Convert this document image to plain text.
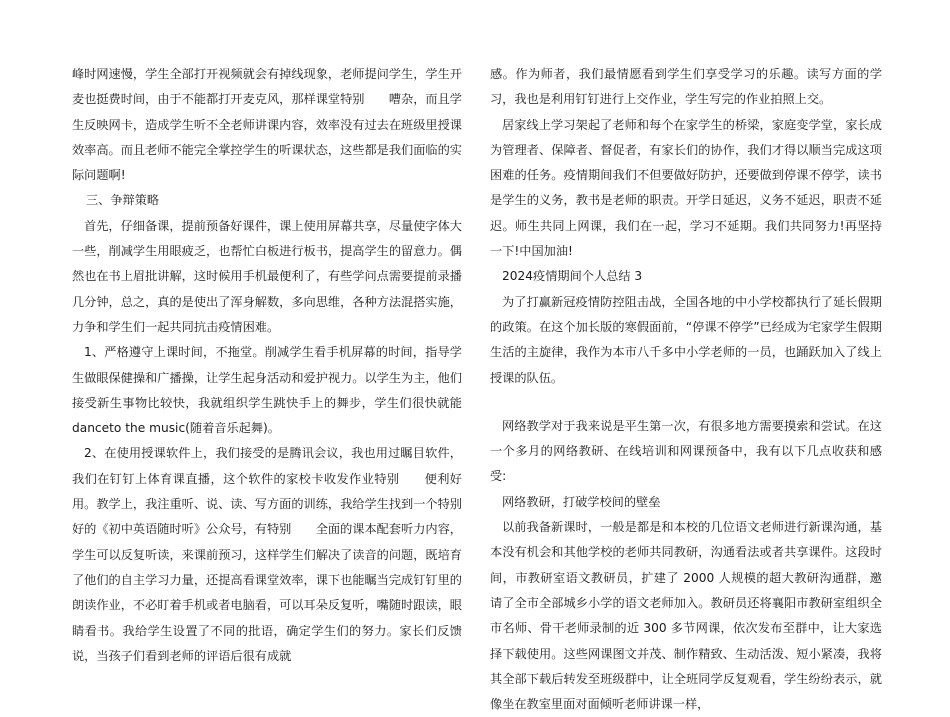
峰时网速慢，学生全部打开视频就会有掉线现象，老师提问学生，学生开麦也挺费时间，由于不能都打开麦克风，那样课堂特别　　嘈杂，而且学生反映网卡，造成学生听不全老师讲课内容，效率没有过去在班级里授课效率高。而且老师不能完全掌控学生的听课状态，这些都是我们面临的实际问题啊!

三、争辩策略

首先，仔细备课，提前预备好课件，课上使用屏幕共享，尽量使字体大一些，削减学生用眼疲乏，也帮忙白板进行板书，提高学生的留意力。偶然也在书上眉批讲解，这时候用手机最便利了，有些学问点需要提前录播几分钟，总之，真的是使出了浑身解数，多向思维，各种方法混搭实施，力争和学生们一起共同抗击疫情困难。

1、严格遵守上课时间，不拖堂。削减学生看手机屏幕的时间，指导学生做眼保健操和广播操，让学生起身活动和爱护视力。以学生为主，他们接受新生事物比较快，我就组织学生跳快手上的舞步，学生们很快就能 danceto the music(随着音乐起舞)。

2、在使用授课软件上，我们接受的是腾讯会议，我也用过瞩目软件，我们在钉钉上体育课直播，这个软件的家校卡收发作业特别　　便利好用。教学上，我注重听、说、读、写方面的训练，我给学生找到一个特别　　好的《初中英语随时听》公众号，有特别　　全面的课本配套听力内容，学生可以反复听读，来课前预习，这样学生们解决了读音的问题，既培育了他们的自主学习力量，还提高看课堂效率，课下也能瞩当完成钉钉里的朗读作业，不必盯着手机或者电脑看，可以耳朵反复听，嘴随时跟读，眼睛看书。我给学生设置了不同的批语，确定学生们的努力。家长们反馈说，当孩子们看到老师的评语后很有成就

感。作为师者，我们最情愿看到学生们享受学习的乐趣。读写方面的学习，我也是利用钉钉进行上交作业，学生写完的作业拍照上交。

居家线上学习架起了老师和每个在家学生的桥梁，家庭变学堂，家长成为管理者、保障者、督促者，有家长们的协作，我们才得以顺当完成这项困难的任务。疫情期间我们不但要做好防护，还要做到停课不停学，读书是学生的义务，教书是老师的职责。开学日延迟，义务不延迟，职责不延迟。师生共同上网课，我们在一起，学习不延期。我们共同努力!再坚持一下!中国加油!

2024疫情期间个人总结 3

为了打赢新冠疫情防控阻击战，全国各地的中小学校都执行了延长假期的政策。在这个加长版的寒假面前，“停课不停学”已经成为宅家学生假期生活的主旋律，我作为本市八千多中小学老师的一员，也踊跃加入了线上授课的队伍。

网络教学对于我来说是平生第一次，有很多地方需要摸索和尝试。在这一个多月的网络教研、在线培训和网课预备中，我有以下几点收获和感受:

网络教研，打破学校间的壁垒

以前我备新课时，一般是都是和本校的几位语文老师进行新课沟通，基本没有机会和其他学校的老师共同教研，沟通看法或者共享课件。这段时间，市教研室语文教研员，扩建了 2000 人规模的超大教研沟通群，邀请了全市全部城乡小学的语文老师加入。教研员还将襄阳市教研室组织全市名师、骨干老师录制的近 300 多节网课，依次发布至群中，让大家选择下载使用。这些网课图文并茂、制作精致、生动活泼、短小紧凑，我将其全部下载后转发至班级群中，让全班同学反复观看，学生纷纷表示，就像坐在教室里面对面倾听老师讲课一样，
